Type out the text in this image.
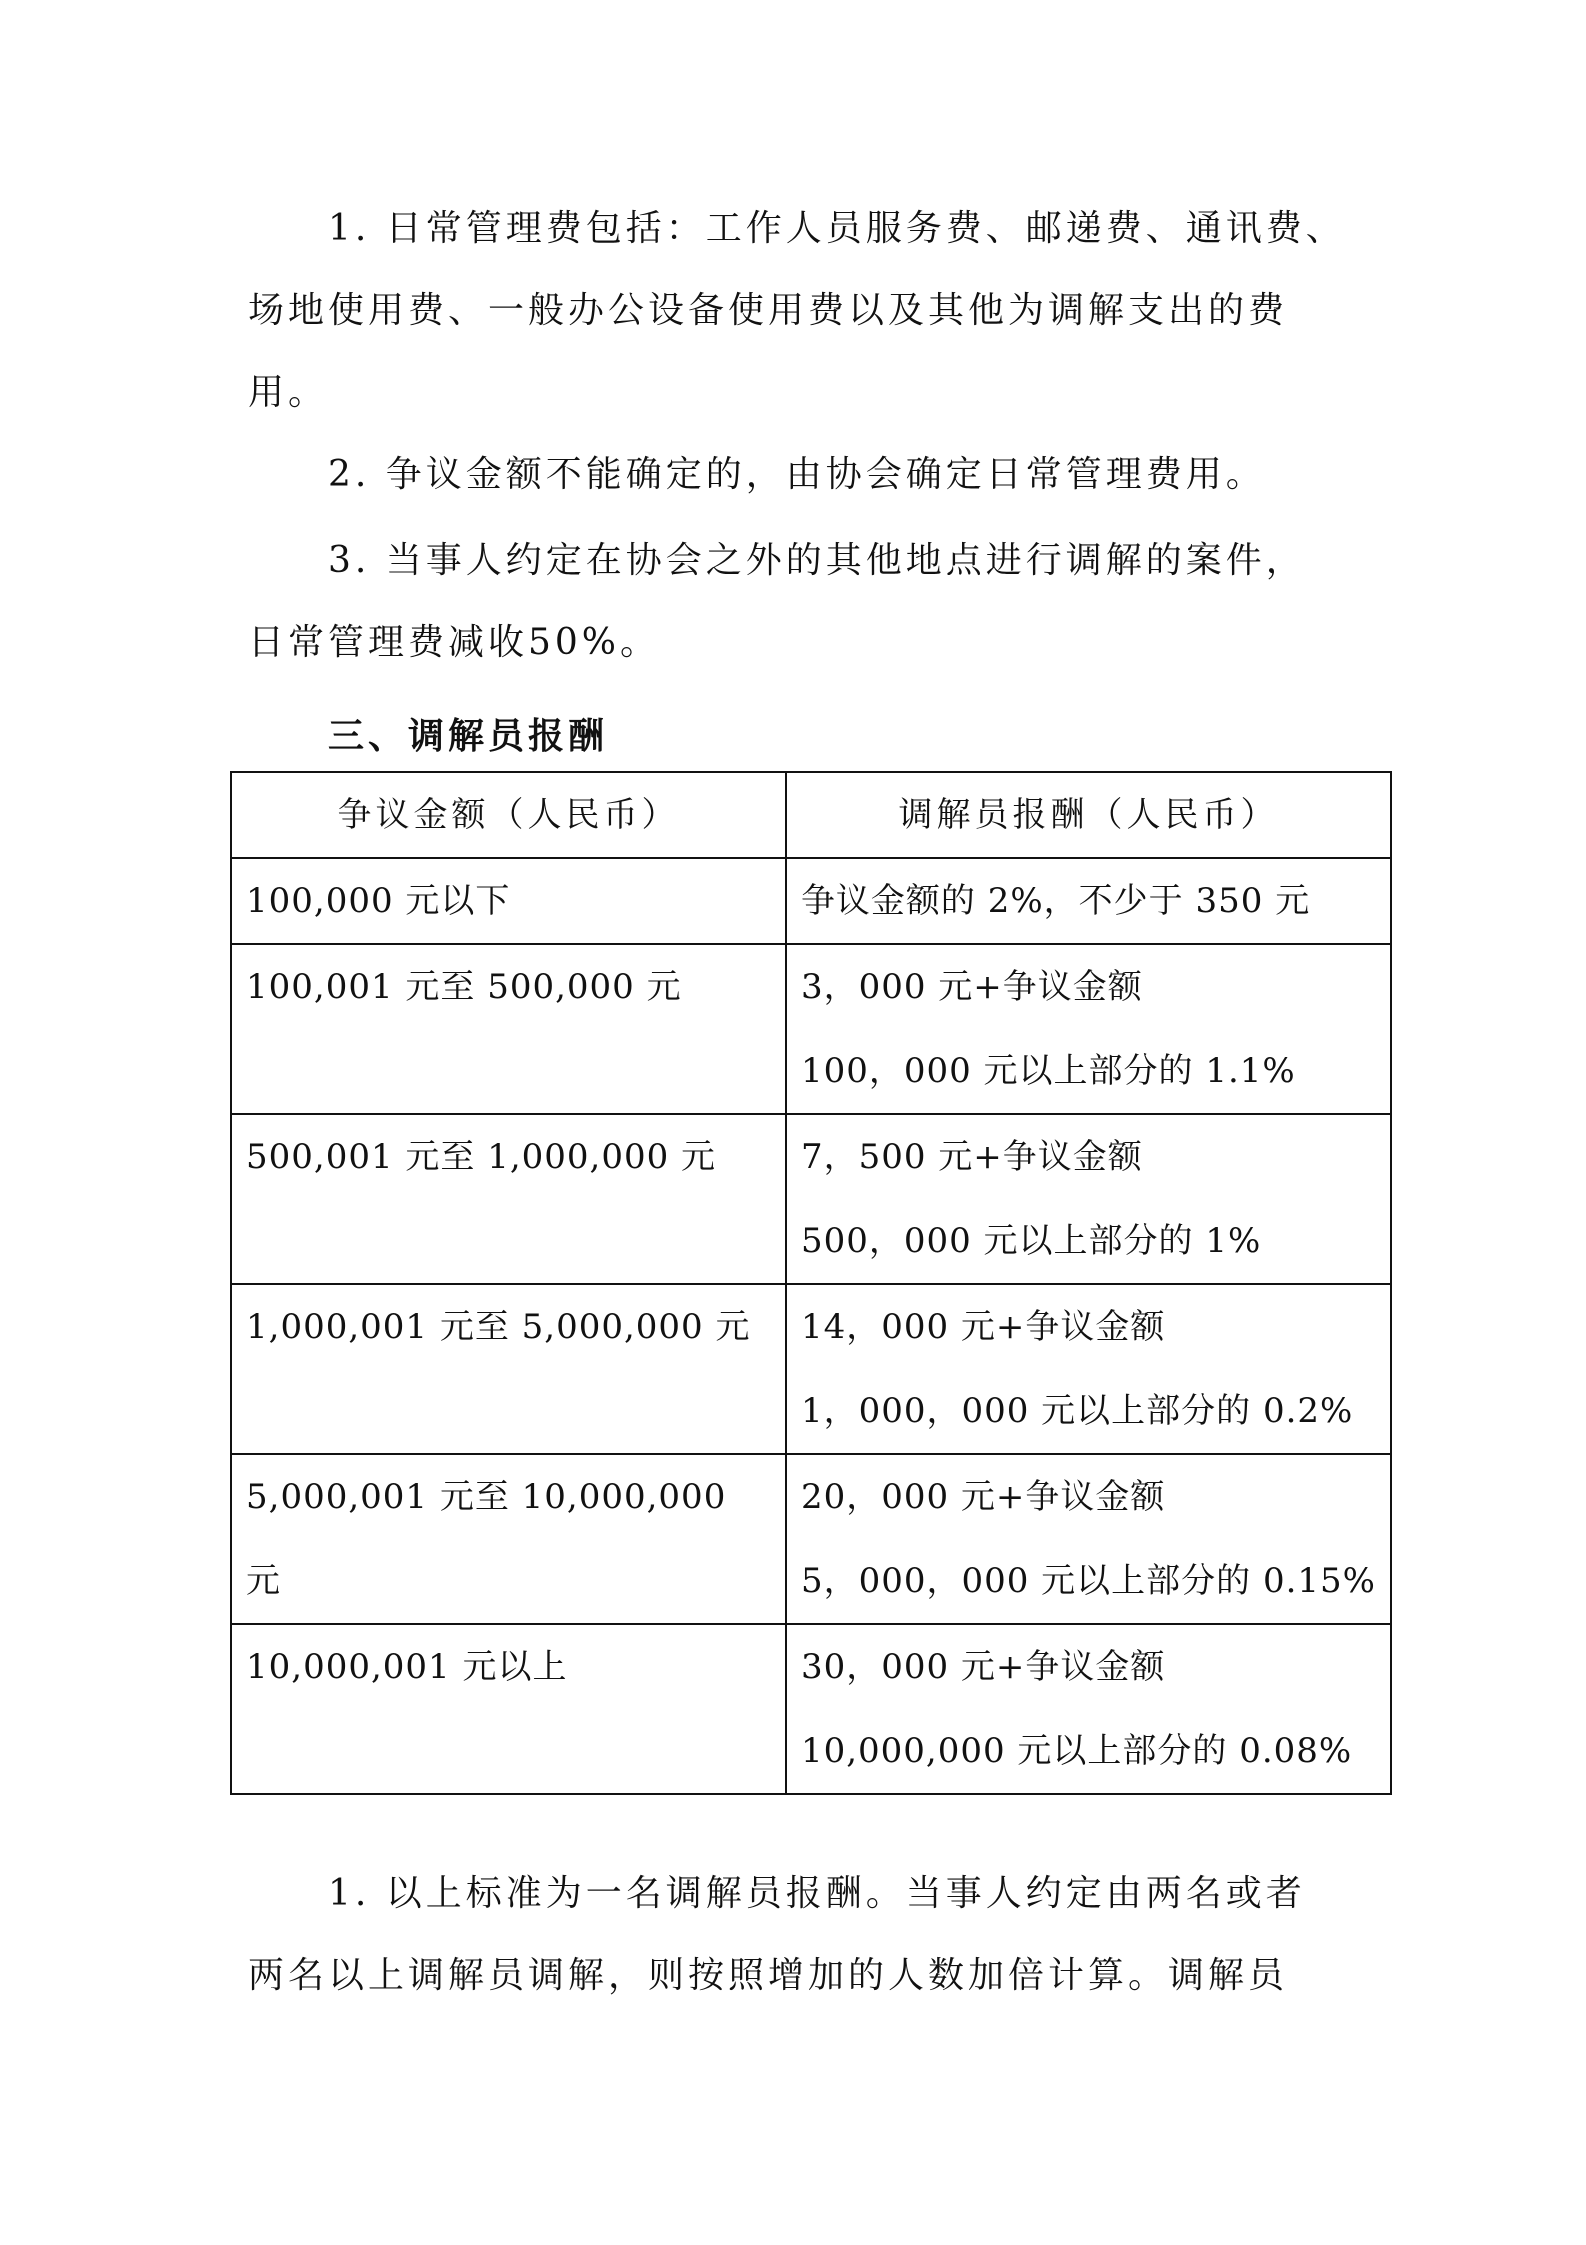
1. 日常管理费包括：工作人员服务费、邮递费、通讯费、
场地使用费、一般办公设备使用费以及其他为调解支出的费
用。

2. 争议金额不能确定的，由协会确定日常管理费用。

3. 当事人约定在协会之外的其他地点进行调解的案件，
日常管理费减收50%。

三、调解员报酬
争议金额（人民币）	调解员报酬（人民币）

100,000 元以下	争议金额的 2%，不少于 350 元

100,001 元至 500,000 元	3，000 元+争议金额
100，000 元以上部分的 1.1%

500,001 元至 1,000,000 元	7，500 元+争议金额
500，000 元以上部分的 1%

1,000,001 元至 5,000,000 元	14，000 元+争议金额
1，000，000 元以上部分的 0.2%

5,000,001 元至 10,000,000
元	20，000 元+争议金额
5，000，000 元以上部分的 0.15%

10,000,001 元以上	30，000 元+争议金额
10,000,000 元以上部分的 0.08%

1. 以上标准为一名调解员报酬。当事人约定由两名或者
两名以上调解员调解，则按照增加的人数加倍计算。调解员
